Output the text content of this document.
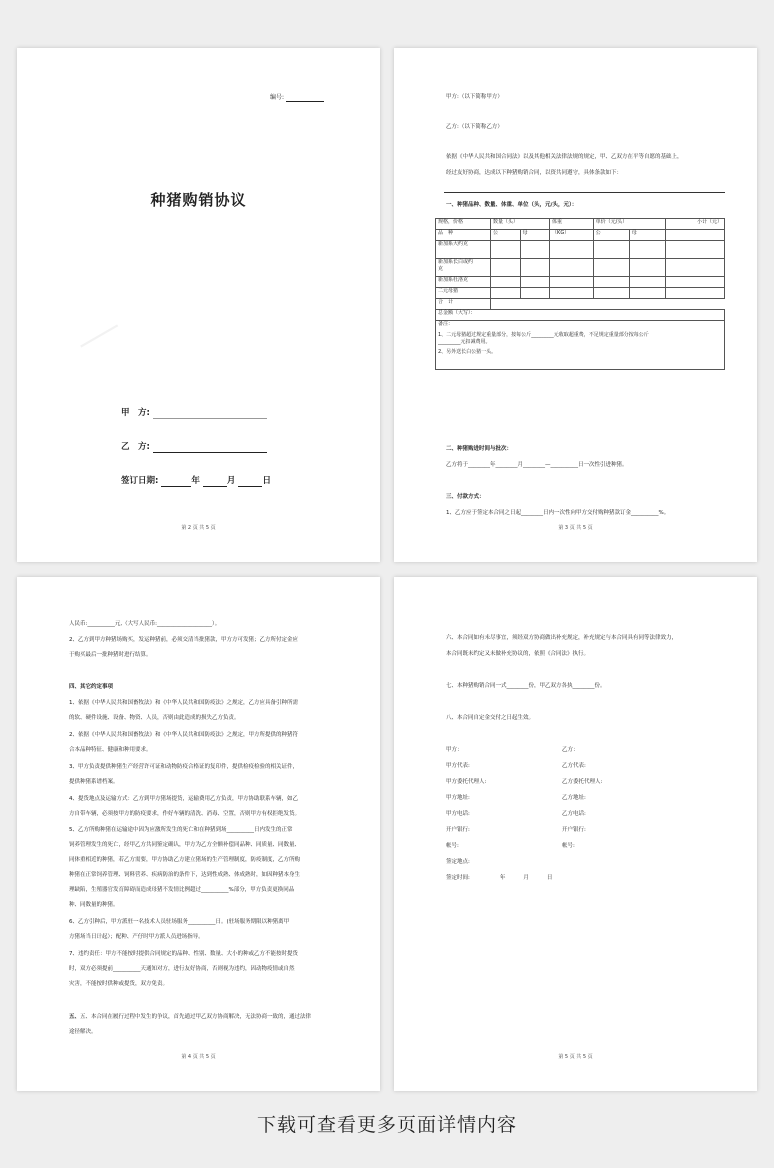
编号:
种猪购销协议
⸺
甲　方:
乙　方:
签订日期:	年	月	日
第 2 页 共 5 页
甲方:（以下简称甲方）
乙方:（以下简称乙方）
依据《中华人民共和国合同法》以及其他相关法律法规的规定，甲、乙双方在平等自愿的基础上，
经过友好协商，达成以下种猪购销合同，以资共同遵守，具体条款如下：
一、种猪品种、数量、体重、单位（头，元/头，元）：
规格，价格	数量（头）		体重	单价（元/头）		小计（元）
品　种	公	母	（KG）	公	母	
新加系大约克						
新加系长白或约
克						
新加系杜洛克						
二元母猪						
合　计						
总金额（大写）：						

备注：
1、二元母猪超过规定重量部分，按每公斤_________元收取超重费，不足规定重量部分按每公斤
_________元扣减费用。
2、另外送长白公猪一头。						
二、种猪购进时间与批次：
乙方将于________年________月________—__________日一次性引进种猪。
三、付款方式：
1、乙方应于签定本合同之日起________日内一次性向甲方交付购种猪款订金__________%。
第 3 页 共 5 页
人民币:__________元,（大写人民币:____________________）。
2、乙方到甲方种猪场购买，发运种猪前，必须交清当批猪款，甲方方可发猪；乙方所付定金应
于购买最后一批种猪时进行结算。
四、其它约定事项
1、依据《中华人民共和国畜牧法》和《中华人民共和国防疫法》之规定，乙方应具备引种所需
的软、硬件设施、设备、物资、人员，否则由此造成的损失乙方负责。
2、依据《中华人民共和国畜牧法》和《中华人民共和国防疫法》之规定，甲方所提供的种猪符
合本品种特征、健康和种用要求。
3、甲方负责提供种猪生产经营许可证和动物防疫合格证的复印件，提供检疫检验的相关证件，
提供种猪系谱档案。
4、提货地点及运输方式：乙方到甲方猪场提货，运输费用乙方负责，甲方协助联系车辆，如乙
方自带车辆，必须按甲方的防疫要求，作好车辆的清洗、消毒、空置，否则甲方有权拒绝发货。
5、乙方所购种猪在运输途中因为应激所发生的死亡和在种猪到场__________日内发生的正常
饲养管理发生的死亡，经甲乙方共同鉴定确认，甲方为乙方全额补偿同品种、同质量、同数量、
同体重相近的种猪，若乙方需要，甲方协助乙方建立猪场的生产管理制度，防疫制度，乙方所购
种猪在正常饲养管理、饲料营养、疾病防治的条件下，达到性成熟、体成熟时，如因种猪本身生
理缺陷，生殖器官发育障碍而造成母猪不发情比例超过__________%部分，甲方负责更换同品
种、同数量的种猪。
6、乙方引种后，甲方派驻一名技术人员驻场服务__________日。(驻场服务期限以种猪离甲
方猪场当日计起）；配种、产仔时甲方派人员进场指导。
7、违约责任：甲方不能按时提供合同规定的品种、性别、数量、大小的种或乙方不能按时提货
时，双方必须提前__________天通知对方，进行友好协商，否则视为违约，因动物疫情或自然
灾害，不能按时供种或提货，双方免责。
五、五、本合同在履行过程中发生的争议，首先通过甲乙双方协商解决，无法协商一致的，通过法律
途径解决。
第 4 页 共 5 页
六、本合同如有未尽事宜，须经双方协商做出补充规定，补充规定与本合同具有同等法律效力，
本合同既未约定又未做补充协议的，依照《合同法》执行。
七、本种猪购销合同一式________份，甲乙双方各执________份。
八、本合同自定金交付之日起生效。
甲方：	乙方：
甲方代表:	乙方代表:
甲方委托代理人:	乙方委托代理人:
甲方地址:	乙方地址:
甲方电话:	乙方电话:
开户银行:	开户银行:
帐号:	帐号:
签定地点:
签定时间:	年	月	日
第 5 页 共 5 页
下载可查看更多页面详情内容
